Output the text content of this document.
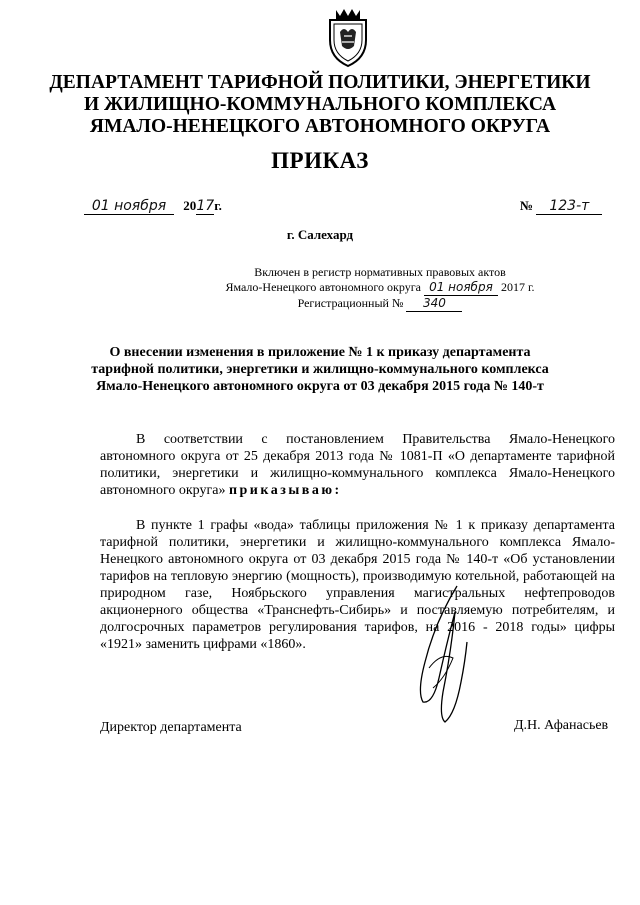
ДЕПАРТАМЕНТ ТАРИФНОЙ ПОЛИТИКИ, ЭНЕРГЕТИКИ
И ЖИЛИЩНО-КОММУНАЛЬНОГО КОМПЛЕКСА
ЯМАЛО-НЕНЕЦКОГО АВТОНОМНОГО ОКРУГА
ПРИКАЗ
01 ноября 2017г.	№ 123-т
г. Салехард
Включен в регистр нормативных правовых актов
Ямало-Ненецкого автономного округа 01 ноября 2017 г.
Регистрационный № 340
О внесении изменения в приложение № 1 к приказу департамента
тарифной политики, энергетики и жилищно-коммунального комплекса
Ямало-Ненецкого автономного округа от 03 декабря 2015 года № 140-т
В соответствии с постановлением Правительства Ямало-Ненецкого автономного округа от 25 декабря 2013 года № 1081-П «О департаменте тарифной политики, энергетики и жилищно-коммунального комплекса Ямало-Ненецкого автономного округа» приказываю:
В пункте 1 графы «вода» таблицы приложения № 1 к приказу департамента тарифной политики, энергетики и жилищно-коммунального комплекса Ямало-Ненецкого автономного округа от 03 декабря 2015 года № 140-т «Об установлении тарифов на тепловую энергию (мощность), производимую котельной, работающей на природном газе, Ноябрьского управления магистральных нефтепроводов акционерного общества «Транснефть-Сибирь» и поставляемую потребителям, и долгосрочных параметров регулирования тарифов, на 2016 - 2018 годы» цифры «1921» заменить цифрами «1860».
Директор департамента	Д.Н. Афанасьев
